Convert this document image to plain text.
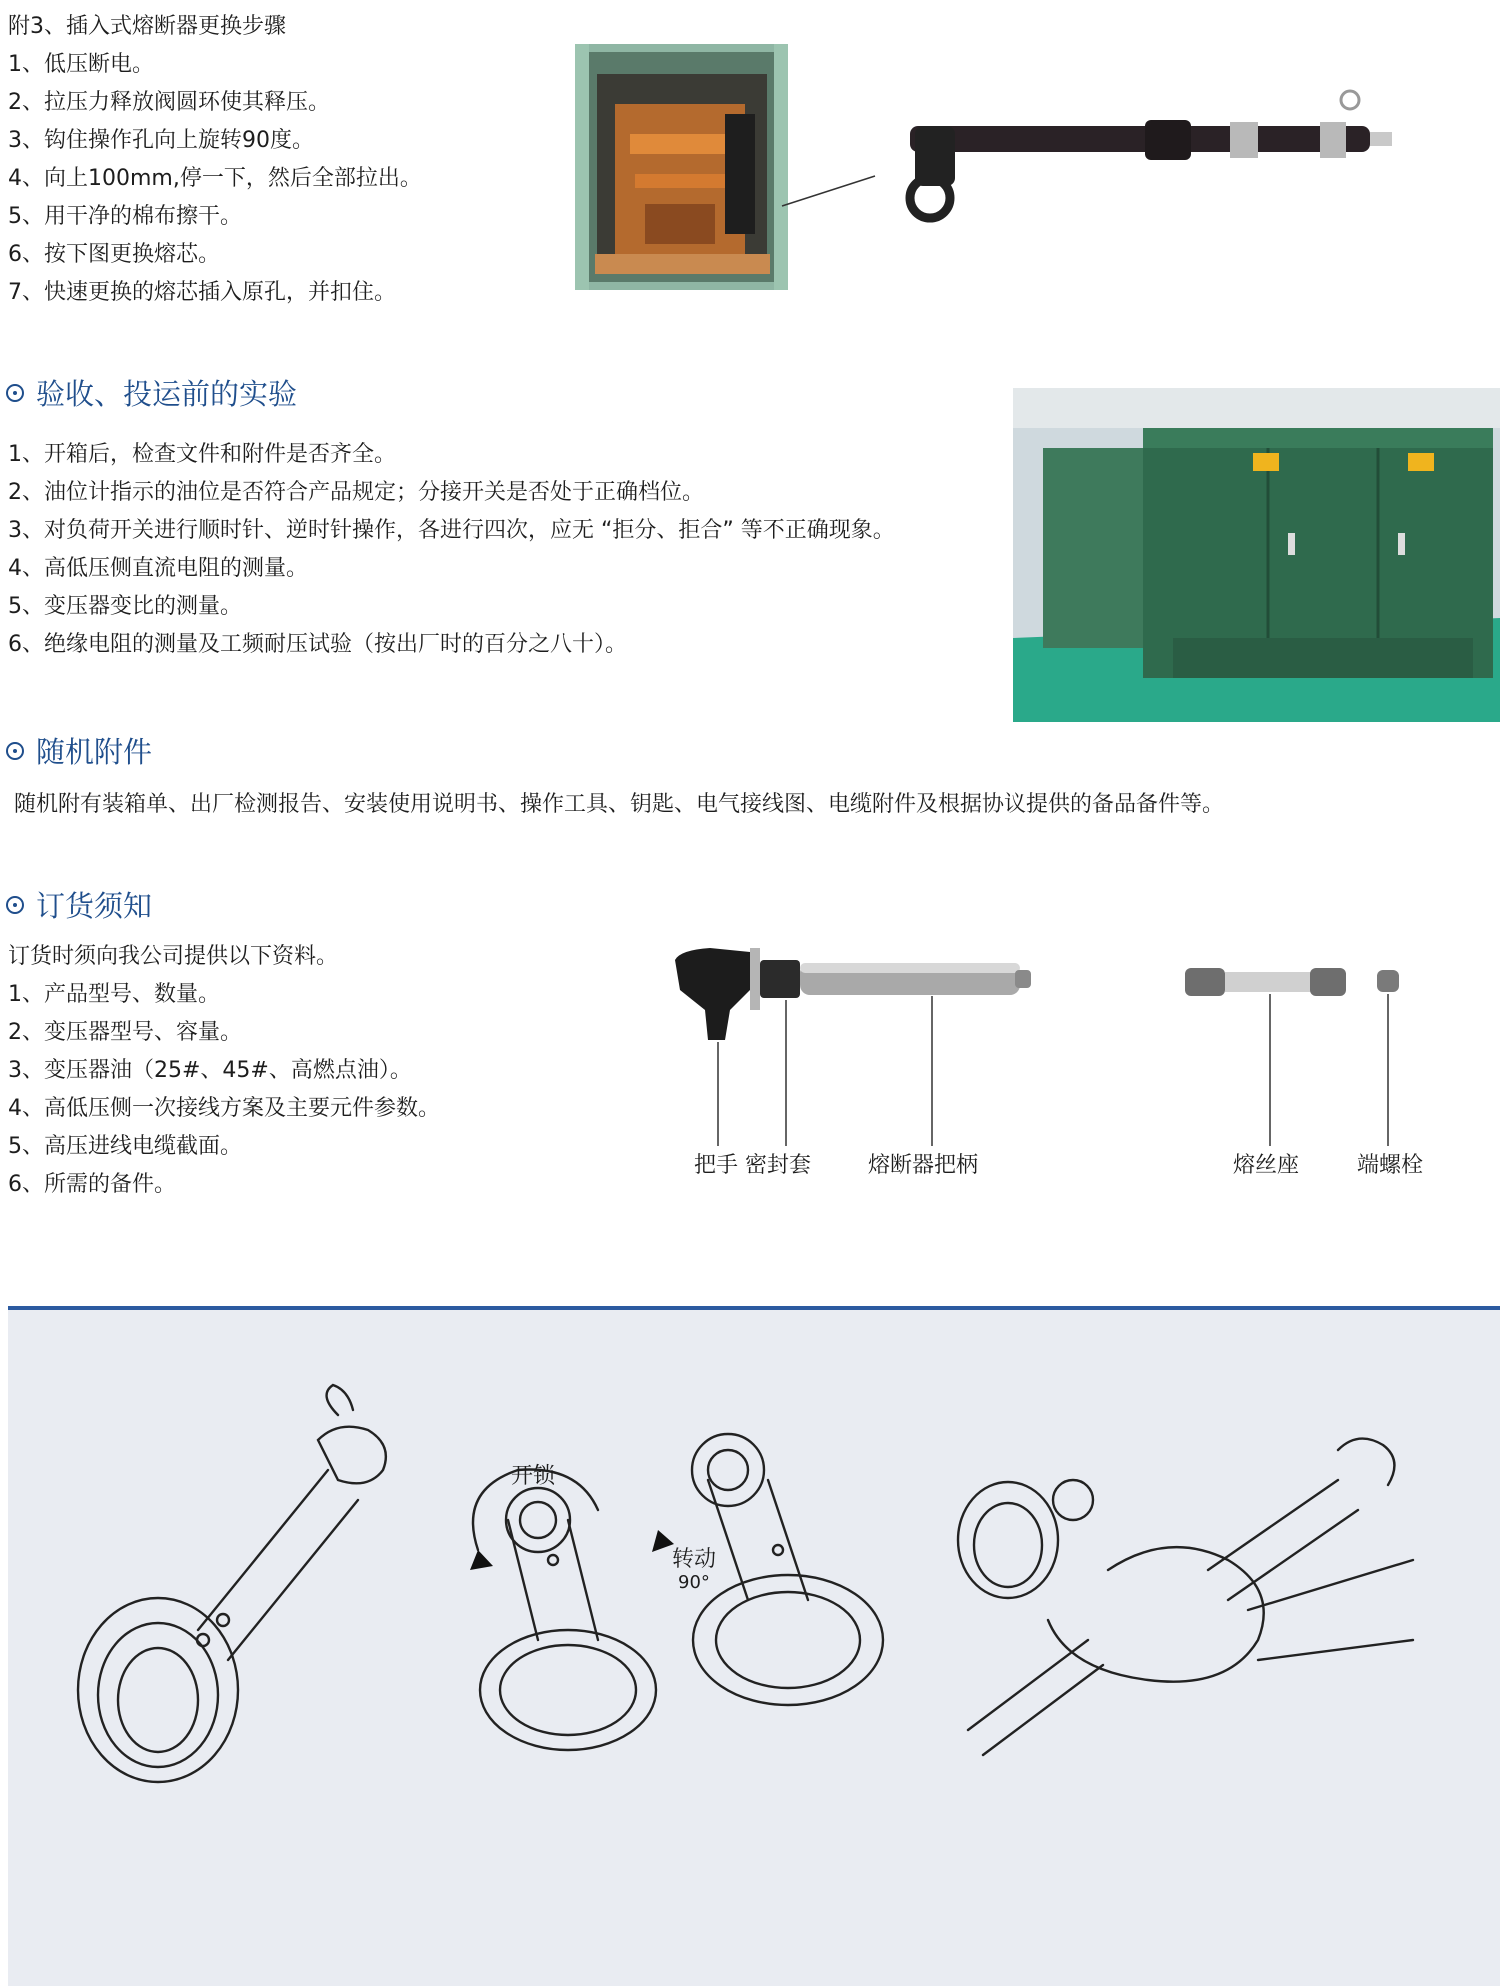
附3、插入式熔断器更换步骤
1、低压断电。
2、拉压力释放阀圆环使其释压。
3、钩住操作孔向上旋转90度。
4、向上100mm,停一下，然后全部拉出。
5、用干净的棉布擦干。
6、按下图更换熔芯。
7、快速更换的熔芯插入原孔，并扣住。
验收、投运前的实验
1、开箱后，检查文件和附件是否齐全。
2、油位计指示的油位是否符合产品规定；分接开关是否处于正确档位。
3、对负荷开关进行顺时针、逆时针操作，各进行四次，应无 “拒分、拒合” 等不正确现象。
4、高低压侧直流电阻的测量。
5、变压器变比的测量。
6、绝缘电阻的测量及工频耐压试验（按出厂时的百分之八十）。
随机附件
随机附有装箱单、出厂检测报告、安装使用说明书、操作工具、钥匙、电气接线图、电缆附件及根据协议提供的备品备件等。
订货须知
订货时须向我公司提供以下资料。
1、产品型号、数量。
2、变压器型号、容量。
3、变压器油（25#、45#、高燃点油）。
4、高低压侧一次接线方案及主要元件参数。
5、高压进线电缆截面。
6、所需的备件。
把手 密封套	熔断器把柄	熔丝座	端螺栓
开锁
转动
90°
